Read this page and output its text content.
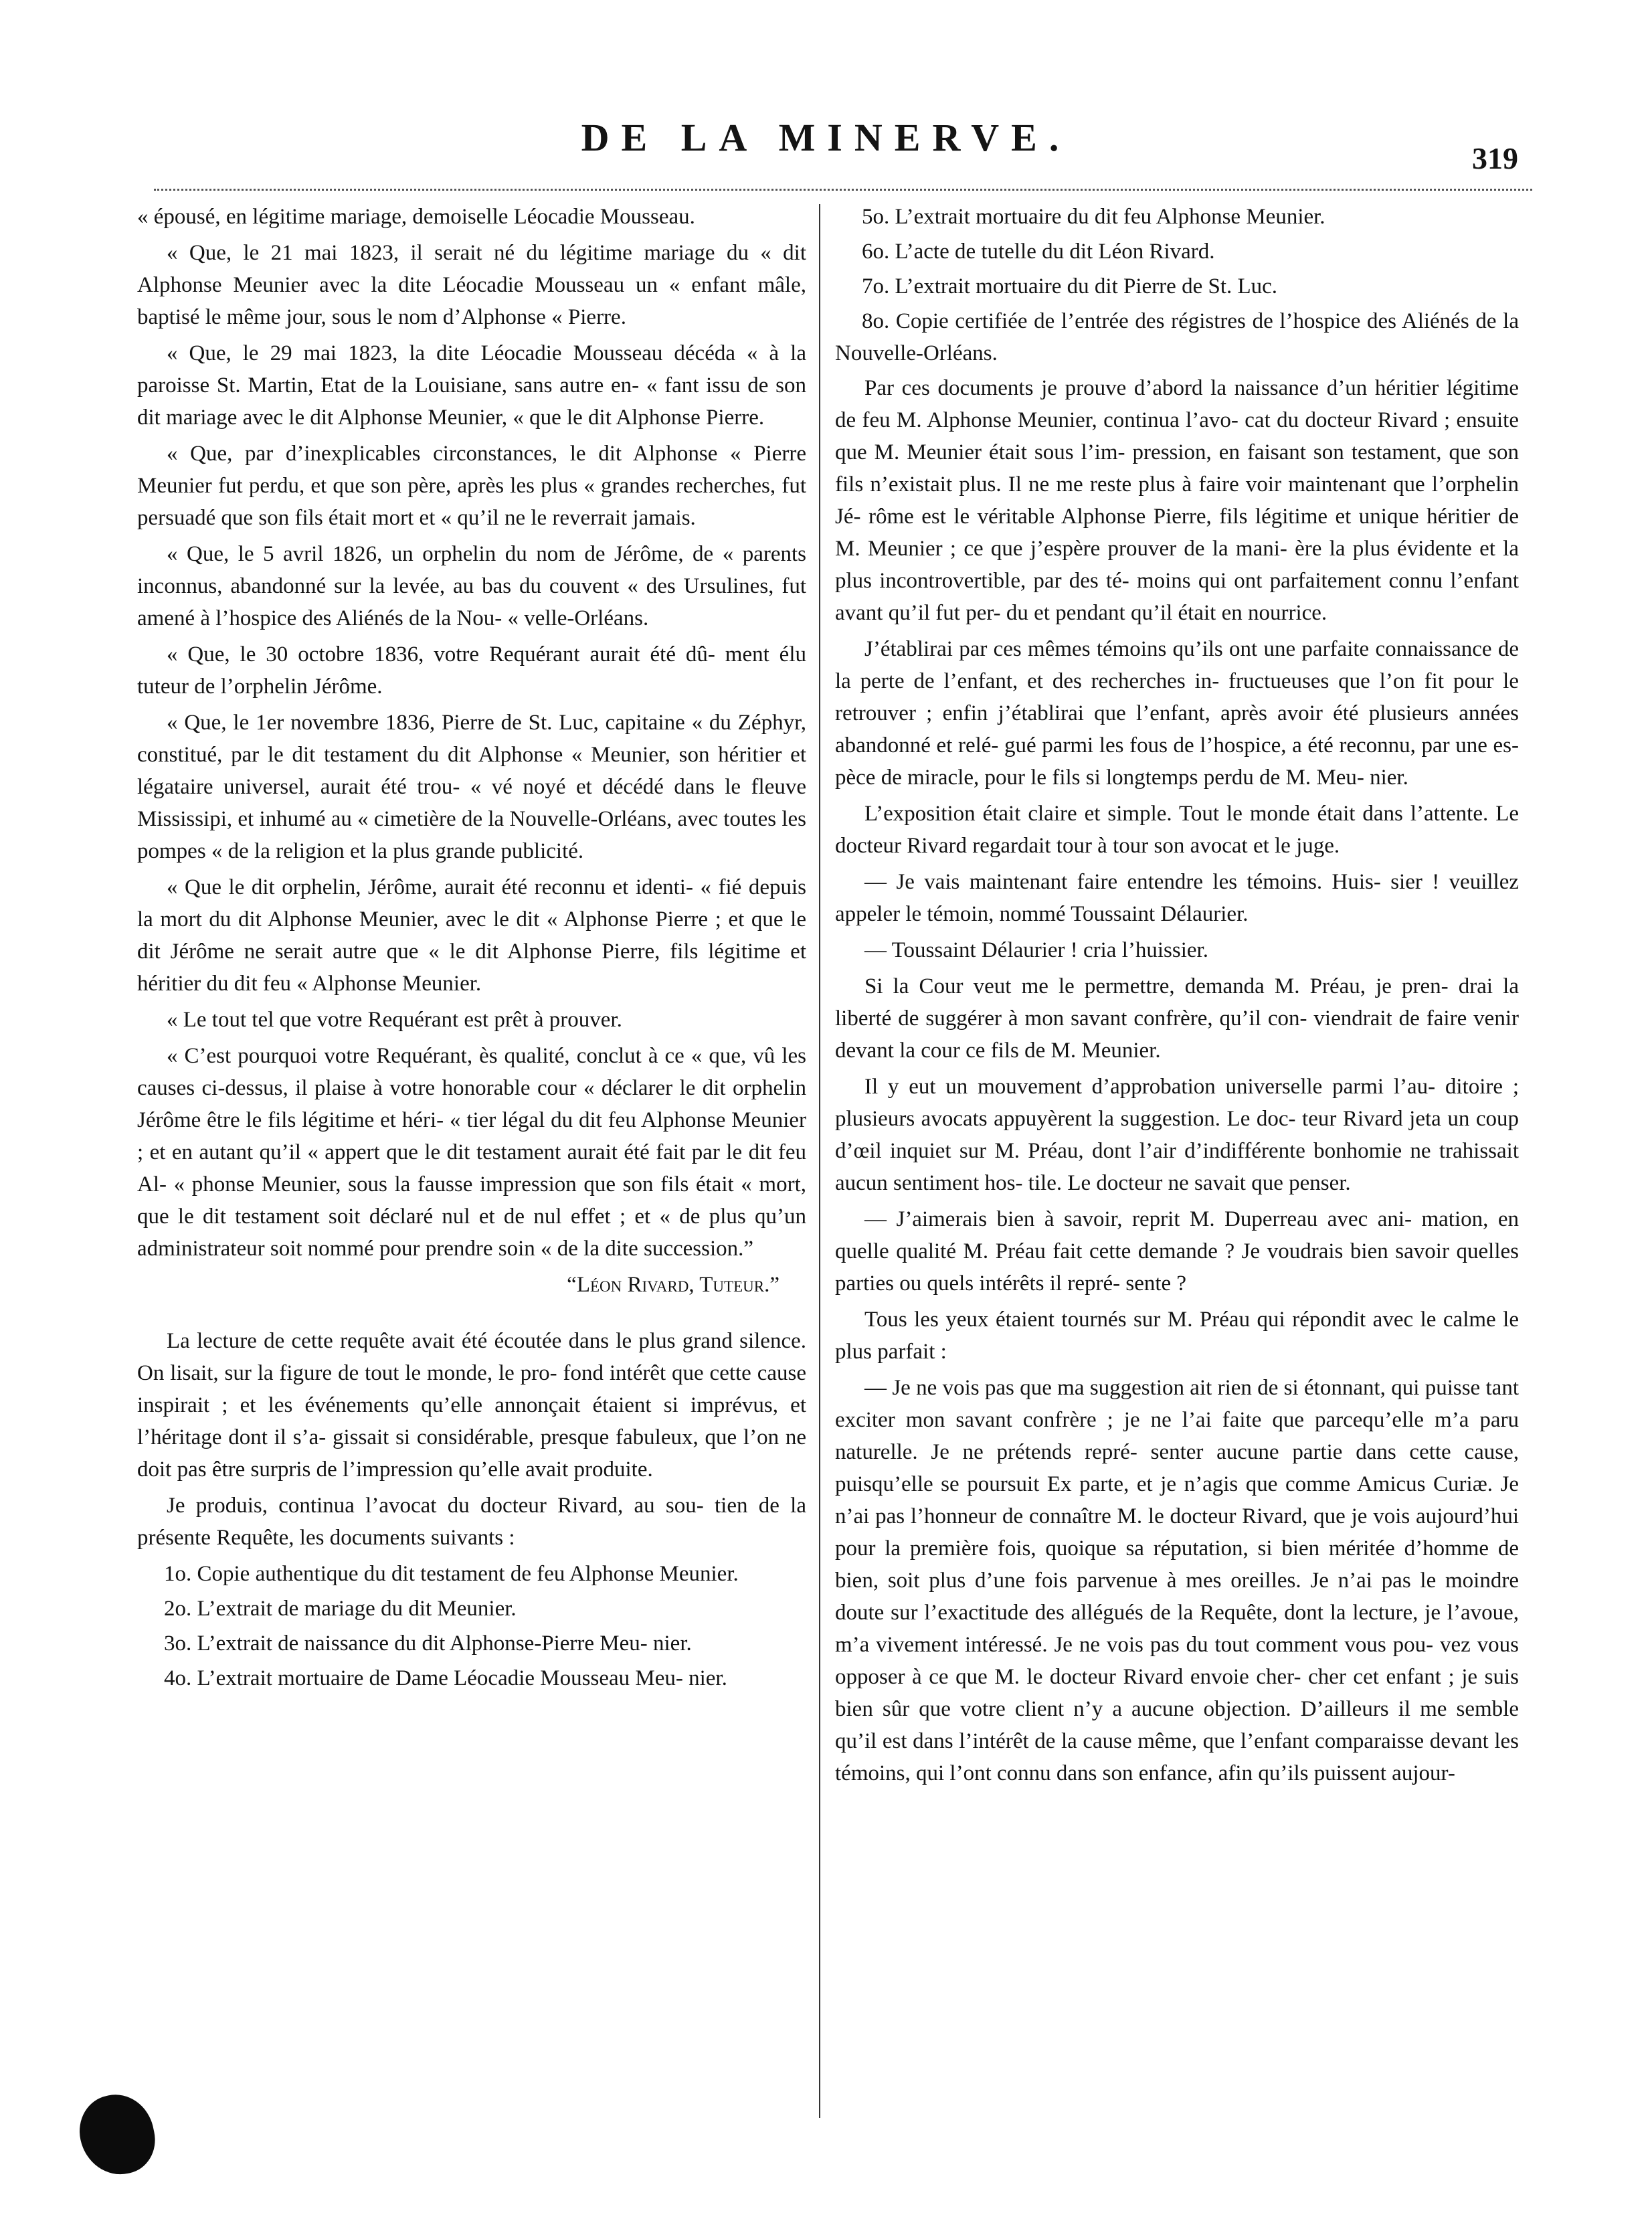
DE LA MINERVE.	319

« épousé, en légitime mariage, demoiselle Léocadie Mousseau.

« Que, le 21 mai 1823, il serait né du légitime mariage du « dit Alphonse Meunier avec la dite Léocadie Mousseau un « enfant mâle, baptisé le même jour, sous le nom d’Alphonse « Pierre.

« Que, le 29 mai 1823, la dite Léocadie Mousseau décéda « à la paroisse St. Martin, Etat de la Louisiane, sans autre en- « fant issu de son dit mariage avec le dit Alphonse Meunier, « que le dit Alphonse Pierre.

« Que, par d’inexplicables circonstances, le dit Alphonse « Pierre Meunier fut perdu, et que son père, après les plus « grandes recherches, fut persuadé que son fils était mort et « qu’il ne le reverrait jamais.

« Que, le 5 avril 1826, un orphelin du nom de Jérôme, de « parents inconnus, abandonné sur la levée, au bas du couvent « des Ursulines, fut amené à l’hospice des Aliénés de la Nou- « velle-Orléans.

« Que, le 30 octobre 1836, votre Requérant aurait été dû- ment élu tuteur de l’orphelin Jérôme.

« Que, le 1er novembre 1836, Pierre de St. Luc, capitaine « du Zéphyr, constitué, par le dit testament du dit Alphonse « Meunier, son héritier et légataire universel, aurait été trou- « vé noyé et décédé dans le fleuve Mississipi, et inhumé au « cimetière de la Nouvelle-Orléans, avec toutes les pompes « de la religion et la plus grande publicité.

« Que le dit orphelin, Jérôme, aurait été reconnu et identi- « fié depuis la mort du dit Alphonse Meunier, avec le dit « Alphonse Pierre ; et que le dit Jérôme ne serait autre que « le dit Alphonse Pierre, fils légitime et héritier du dit feu « Alphonse Meunier.

« Le tout tel que votre Requérant est prêt à prouver.

« C’est pourquoi votre Requérant, ès qualité, conclut à ce « que, vû les causes ci-dessus, il plaise à votre honorable cour « déclarer le dit orphelin Jérôme être le fils légitime et héri- « tier légal du dit feu Alphonse Meunier ; et en autant qu’il « appert que le dit testament aurait été fait par le dit feu Al- « phonse Meunier, sous la fausse impression que son fils était « mort, que le dit testament soit déclaré nul et de nul effet ; et « de plus qu’un administrateur soit nommé pour prendre soin « de la dite succession.”

“Léon Rivard, Tuteur.”

La lecture de cette requête avait été écoutée dans le plus grand silence. On lisait, sur la figure de tout le monde, le pro- fond intérêt que cette cause inspirait ; et les événements qu’elle annonçait étaient si imprévus, et l’héritage dont il s’a- gissait si considérable, presque fabuleux, que l’on ne doit pas être surpris de l’impression qu’elle avait produite.

Je produis, continua l’avocat du docteur Rivard, au sou- tien de la présente Requête, les documents suivants :

1o. Copie authentique du dit testament de feu Alphonse Meunier.

2o. L’extrait de mariage du dit Meunier.

3o. L’extrait de naissance du dit Alphonse-Pierre Meu- nier.

4o. L’extrait mortuaire de Dame Léocadie Mousseau Meu- nier.

5o. L’extrait mortuaire du dit feu Alphonse Meunier.

6o. L’acte de tutelle du dit Léon Rivard.

7o. L’extrait mortuaire du dit Pierre de St. Luc.

8o. Copie certifiée de l’entrée des régistres de l’hospice des Aliénés de la Nouvelle-Orléans.

Par ces documents je prouve d’abord la naissance d’un héritier légitime de feu M. Alphonse Meunier, continua l’avo- cat du docteur Rivard ; ensuite que M. Meunier était sous l’im- pression, en faisant son testament, que son fils n’existait plus. Il ne me reste plus à faire voir maintenant que l’orphelin Jé- rôme est le véritable Alphonse Pierre, fils légitime et unique héritier de M. Meunier ; ce que j’espère prouver de la mani- ère la plus évidente et la plus incontrovertible, par des té- moins qui ont parfaitement connu l’enfant avant qu’il fut per- du et pendant qu’il était en nourrice.

J’établirai par ces mêmes témoins qu’ils ont une parfaite connaissance de la perte de l’enfant, et des recherches in- fructueuses que l’on fit pour le retrouver ; enfin j’établirai que l’enfant, après avoir été plusieurs années abandonné et relé- gué parmi les fous de l’hospice, a été reconnu, par une es- pèce de miracle, pour le fils si longtemps perdu de M. Meu- nier.

L’exposition était claire et simple. Tout le monde était dans l’attente. Le docteur Rivard regardait tour à tour son avocat et le juge.

— Je vais maintenant faire entendre les témoins. Huis- sier ! veuillez appeler le témoin, nommé Toussaint Délaurier.

— Toussaint Délaurier ! cria l’huissier.

Si la Cour veut me le permettre, demanda M. Préau, je pren- drai la liberté de suggérer à mon savant confrère, qu’il con- viendrait de faire venir devant la cour ce fils de M. Meunier.

Il y eut un mouvement d’approbation universelle parmi l’au- ditoire ; plusieurs avocats appuyèrent la suggestion. Le doc- teur Rivard jeta un coup d’œil inquiet sur M. Préau, dont l’air d’indifférente bonhomie ne trahissait aucun sentiment hos- tile. Le docteur ne savait que penser.

— J’aimerais bien à savoir, reprit M. Duperreau avec ani- mation, en quelle qualité M. Préau fait cette demande ? Je voudrais bien savoir quelles parties ou quels intérêts il repré- sente ?

Tous les yeux étaient tournés sur M. Préau qui répondit avec le calme le plus parfait :

— Je ne vois pas que ma suggestion ait rien de si étonnant, qui puisse tant exciter mon savant confrère ; je ne l’ai faite que parcequ’elle m’a paru naturelle. Je ne prétends repré- senter aucune partie dans cette cause, puisqu’elle se poursuit Ex parte, et je n’agis que comme Amicus Curiæ. Je n’ai pas l’honneur de connaître M. le docteur Rivard, que je vois aujourd’hui pour la première fois, quoique sa réputation, si bien méritée d’homme de bien, soit plus d’une fois parvenue à mes oreilles. Je n’ai pas le moindre doute sur l’exactitude des allégués de la Requête, dont la lecture, je l’avoue, m’a vivement intéressé. Je ne vois pas du tout comment vous pou- vez vous opposer à ce que M. le docteur Rivard envoie cher- cher cet enfant ; je suis bien sûr que votre client n’y a aucune objection. D’ailleurs il me semble qu’il est dans l’intérêt de la cause même, que l’enfant comparaisse devant les témoins, qui l’ont connu dans son enfance, afin qu’ils puissent aujour-
